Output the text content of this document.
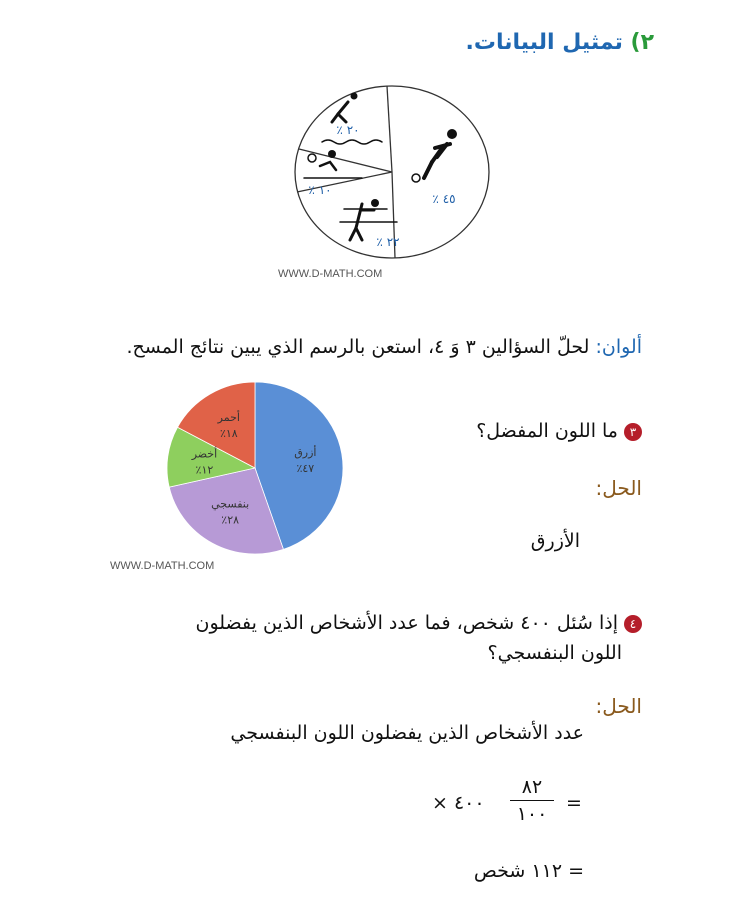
٢) تمثيل البيانات.
٪ ٤٥
٪ ٢٢
٪ ١٠
٪ ٢٠
WWW.D-MATH.COM
ألوان: لحلّ السؤالين ٣ وَ ٤، استعن بالرسم الذي يبين نتائج المسح.
أزرق
٪٤٧
بنفسجي
٪٢٨
أخضر
٪١٢
أحمر
٪١٨
WWW.D-MATH.COM
٣ما اللون المفضل؟
الحل:
الأزرق
٤إذا سُئل ٤٠٠ شخص، فما عدد الأشخاص الذين يفضلون
اللون البنفسجي؟
الحل:
عدد الأشخاص الذين يفضلون اللون البنفسجي
=
٨٢
١٠٠
× ٤٠٠
= ١١٢ شخص
